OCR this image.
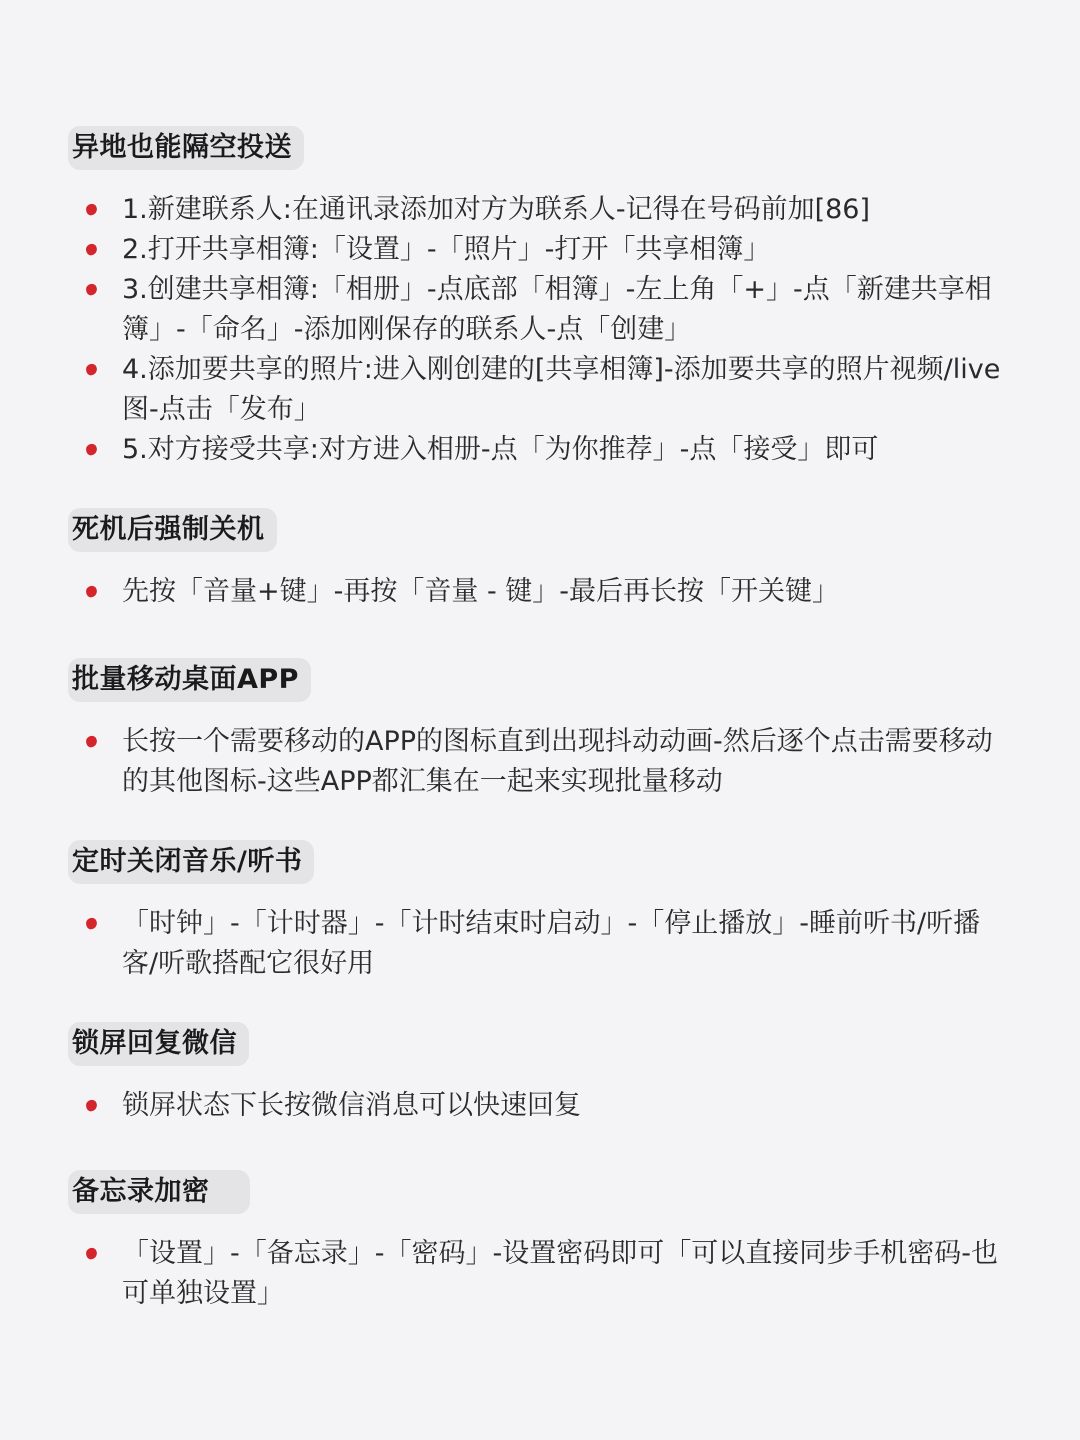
异地也能隔空投送
1.新建联系人:在通讯录添加对方为联系人-记得在号码前加[86]
2.打开共享相簿:「设置」-「照片」-打开「共享相簿」
3.创建共享相簿:「相册」-点底部「相簿」-左上角「+」-点「新建共享相簿」-「命名」-添加刚保存的联系人-点「创建」
4.添加要共享的照片:进入刚创建的[共享相簿]-添加要共享的照片视频/live图-点击「发布」
5.对方接受共享:对方进入相册-点「为你推荐」-点「接受」即可
死机后强制关机
先按「音量+键」-再按「音量 - 键」-最后再长按「开关键」
批量移动桌面APP
长按一个需要移动的APP的图标直到出现抖动动画-然后逐个点击需要移动的其他图标-这些APP都汇集在一起来实现批量移动
定时关闭音乐/听书
「时钟」-「计时器」-「计时结束时启动」-「停止播放」-睡前听书/听播客/听歌搭配它很好用
锁屏回复微信
锁屏状态下长按微信消息可以快速回复
备忘录加密
「设置」-「备忘录」-「密码」-设置密码即可「可以直接同步手机密码-也可单独设置」
